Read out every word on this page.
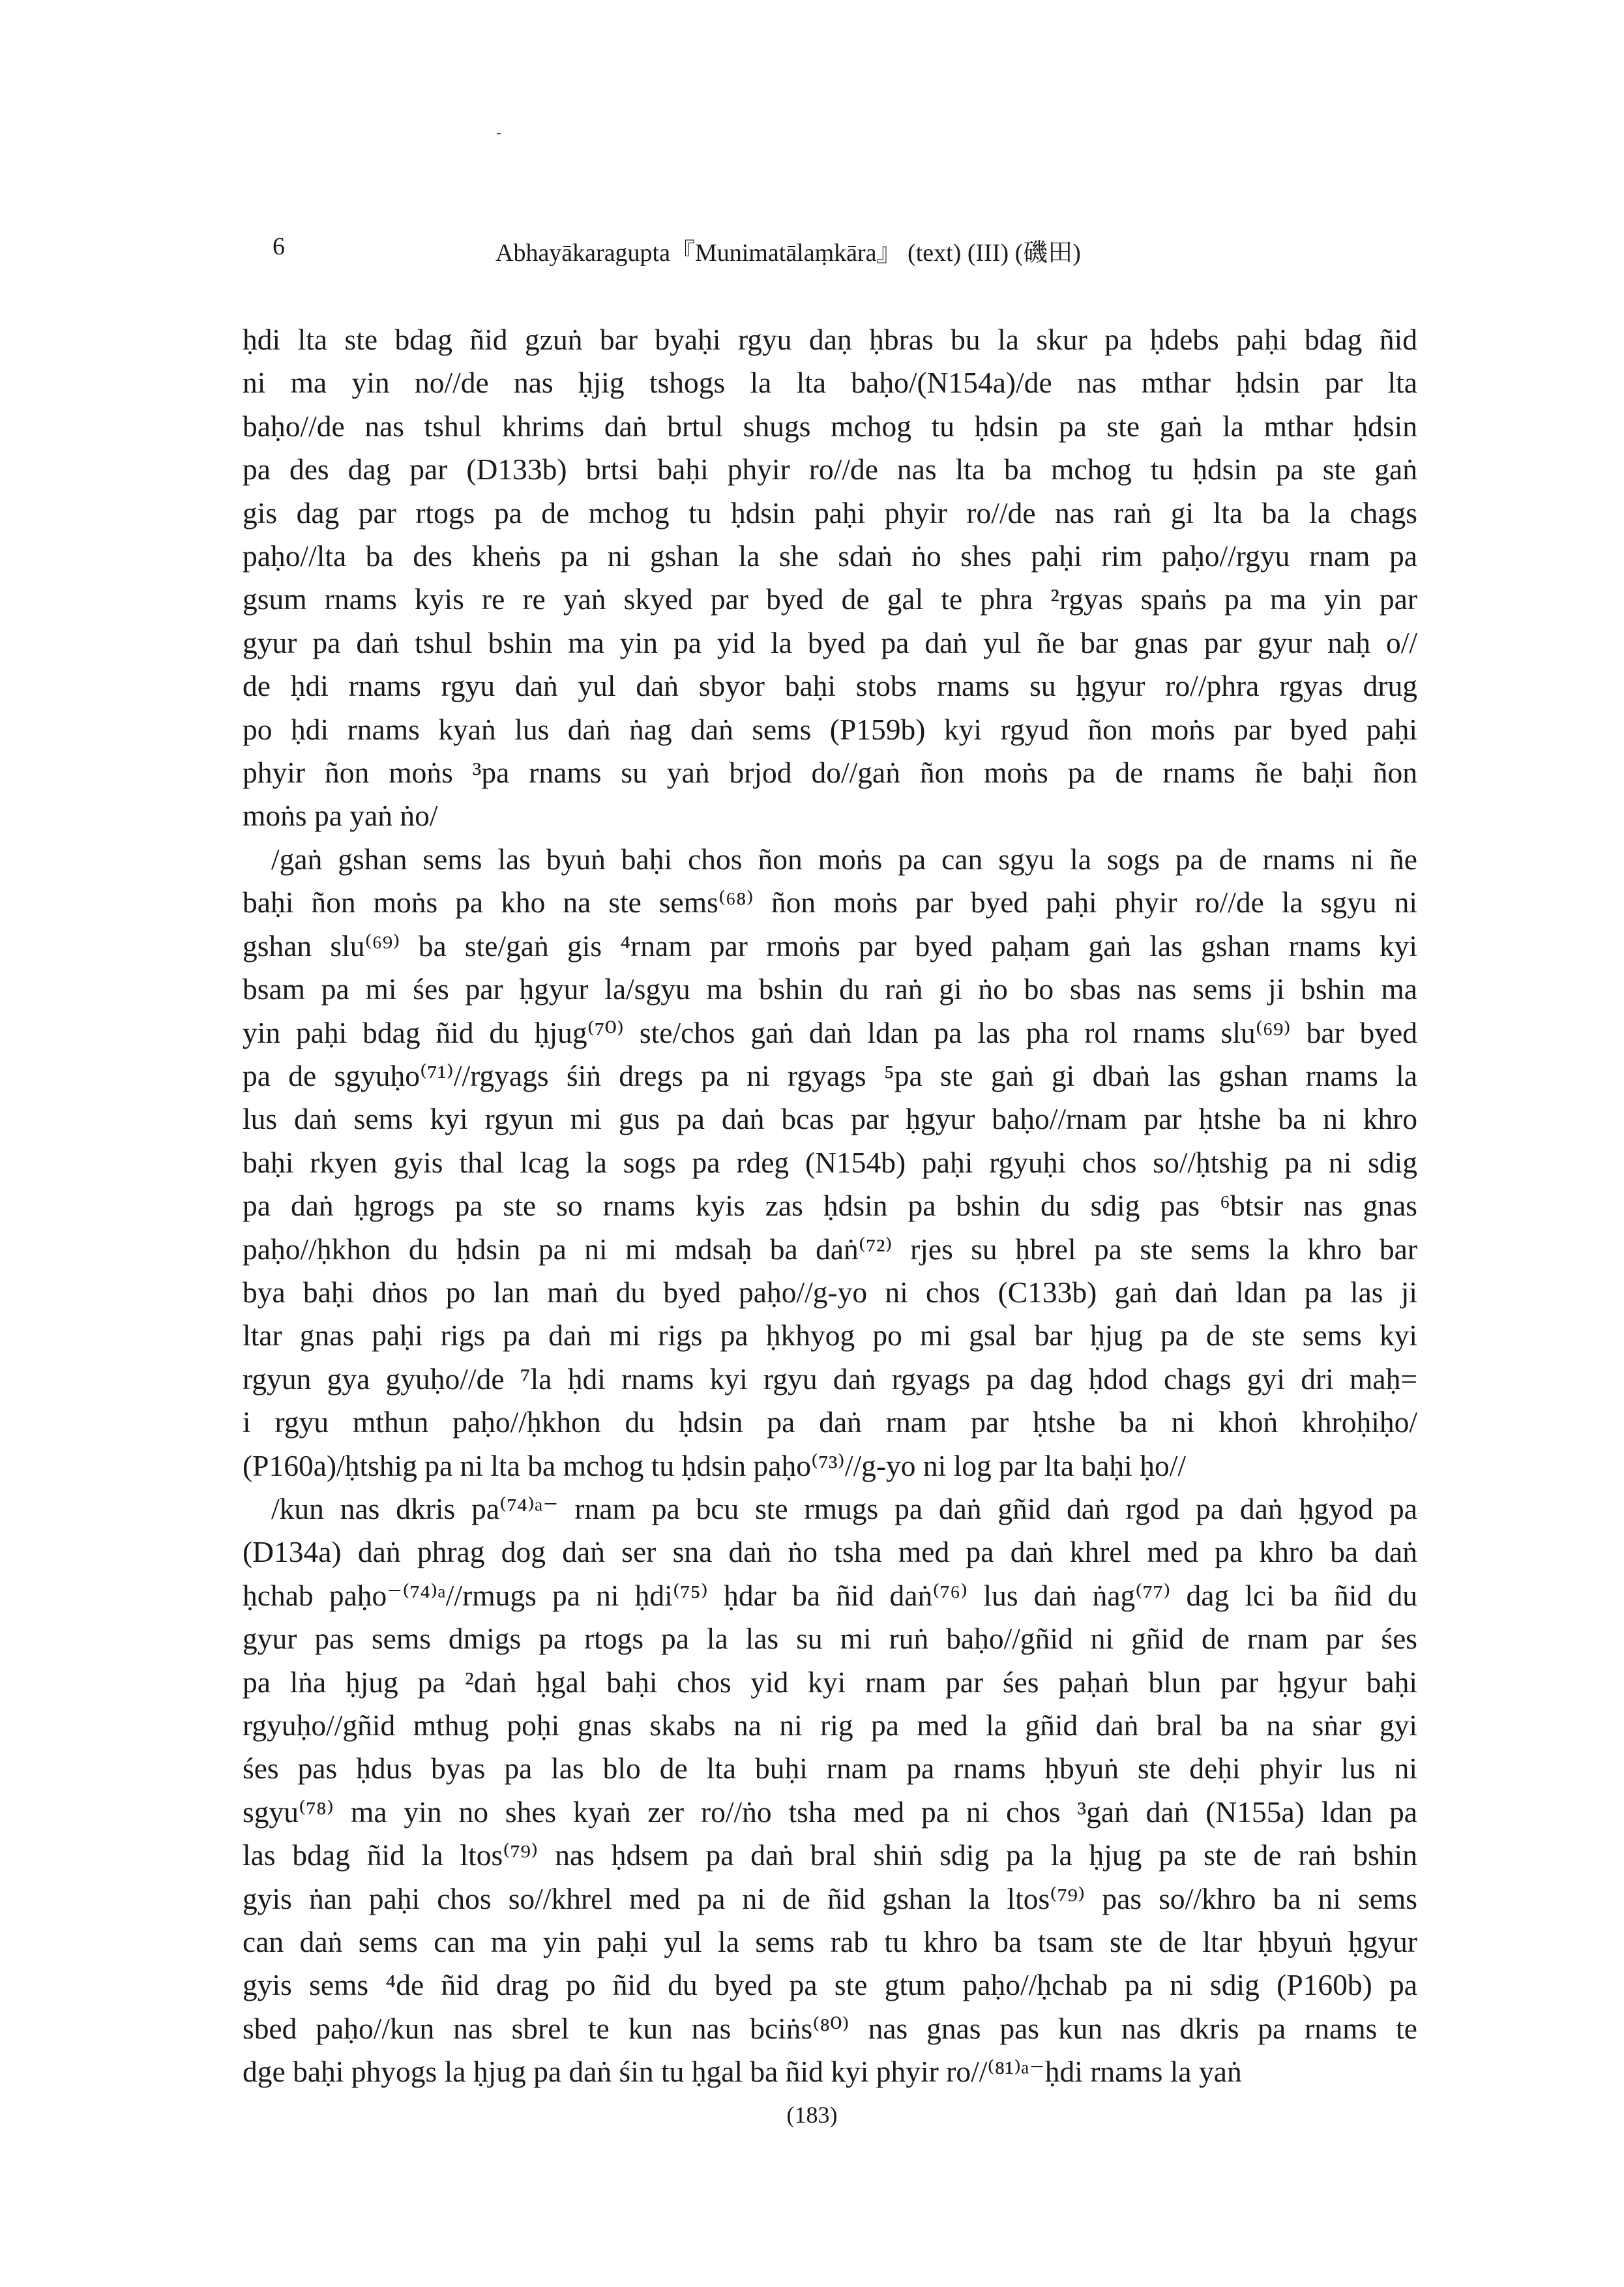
6	Abhayākaragupta『Munimatālaṃkāra』 (text) (III) (磯田)
ḥdi lta ste bdag ñid gzuṅ bar byaḥi rgyu daṇ ḥbras bu la skur pa ḥdebs paḥi bdag ñid
ni ma yin no//de nas ḥjig tshogs la lta baḥo/(N154a)/de nas mthar ḥdsin par lta
baḥo//de nas tshul khrims daṅ brtul shugs mchog tu ḥdsin pa ste gaṅ la mthar ḥdsin
pa des dag par (D133b) brtsi baḥi phyir ro//de nas lta ba mchog tu ḥdsin pa ste gaṅ
gis dag par rtogs pa de mchog tu ḥdsin paḥi phyir ro//de nas raṅ gi lta ba la chags
paḥo//lta ba des kheṅs pa ni gshan la she sdaṅ ṅo shes paḥi rim paḥo//rgyu rnam pa
gsum rnams kyis re re yaṅ skyed par byed de gal te phra ²rgyas spaṅs pa ma yin par
gyur pa daṅ tshul bshin ma yin pa yid la byed pa daṅ yul ñe bar gnas par gyur naḥ o//
de ḥdi rnams rgyu daṅ yul daṅ sbyor baḥi stobs rnams su ḥgyur ro//phra rgyas drug
po ḥdi rnams kyaṅ lus daṅ ṅag daṅ sems (P159b) kyi rgyud ñon moṅs par byed paḥi
phyir ñon moṅs ³pa rnams su yaṅ brjod do//gaṅ ñon moṅs pa de rnams ñe baḥi ñon
moṅs pa yaṅ ṅo/
/gaṅ gshan sems las byuṅ baḥi chos ñon moṅs pa can sgyu la sogs pa de rnams ni ñe
baḥi ñon moṅs pa kho na ste sems⁽⁶⁸⁾ ñon moṅs par byed paḥi phyir ro//de la sgyu ni
gshan slu⁽⁶⁹⁾ ba ste/gaṅ gis ⁴rnam par rmoṅs par byed paḥam gaṅ las gshan rnams kyi
bsam pa mi śes par ḥgyur la/sgyu ma bshin du raṅ gi ṅo bo sbas nas sems ji bshin ma
yin paḥi bdag ñid du ḥjug⁽⁷⁰⁾ ste/chos gaṅ daṅ ldan pa las pha rol rnams slu⁽⁶⁹⁾ bar byed
pa de sgyuḥo⁽⁷¹⁾//rgyags śiṅ dregs pa ni rgyags ⁵pa ste gaṅ gi dbaṅ las gshan rnams la
lus daṅ sems kyi rgyun mi gus pa daṅ bcas par ḥgyur baḥo//rnam par ḥtshe ba ni khro
baḥi rkyen gyis thal lcag la sogs pa rdeg (N154b) paḥi rgyuḥi chos so//ḥtshig pa ni sdig
pa daṅ ḥgrogs pa ste so rnams kyis zas ḥdsin pa bshin du sdig pas ⁶btsir nas gnas
paḥo//ḥkhon du ḥdsin pa ni mi mdsaḥ ba daṅ⁽⁷²⁾ rjes su ḥbrel pa ste sems la khro bar
bya baḥi dṅos po lan maṅ du byed paḥo//g-yo ni chos (C133b) gaṅ daṅ ldan pa las ji
ltar gnas paḥi rigs pa daṅ mi rigs pa ḥkhyog po mi gsal bar ḥjug pa de ste sems kyi
rgyun gya gyuḥo//de ⁷la ḥdi rnams kyi rgyu daṅ rgyags pa dag ḥdod chags gyi dri maḥ=
i rgyu mthun paḥo//ḥkhon du ḥdsin pa daṅ rnam par ḥtshe ba ni khoṅ khroḥiḥo/
(P160a)/ḥtshig pa ni lta ba mchog tu ḥdsin paḥo⁽⁷³⁾//g-yo ni log par lta baḥi ḥo//
/kun nas dkris pa⁽⁷⁴⁾ᵃ⁻ rnam pa bcu ste rmugs pa daṅ gñid daṅ rgod pa daṅ ḥgyod pa
(D134a) daṅ phrag dog daṅ ser sna daṅ ṅo tsha med pa daṅ khrel med pa khro ba daṅ
ḥchab paḥo⁻⁽⁷⁴⁾ᵃ//rmugs pa ni ḥdi⁽⁷⁵⁾ ḥdar ba ñid daṅ⁽⁷⁶⁾ lus daṅ ṅag⁽⁷⁷⁾ dag lci ba ñid du
gyur pas sems dmigs pa rtogs pa la las su mi ruṅ baḥo//gñid ni gñid de rnam par śes
pa lṅa ḥjug pa ²daṅ ḥgal baḥi chos yid kyi rnam par śes paḥaṅ blun par ḥgyur baḥi
rgyuḥo//gñid mthug poḥi gnas skabs na ni rig pa med la gñid daṅ bral ba na sṅar gyi
śes pas ḥdus byas pa las blo de lta buḥi rnam pa rnams ḥbyuṅ ste deḥi phyir lus ni
sgyu⁽⁷⁸⁾ ma yin no shes kyaṅ zer ro//ṅo tsha med pa ni chos ³gaṅ daṅ (N155a) ldan pa
las bdag ñid la ltos⁽⁷⁹⁾ nas ḥdsem pa daṅ bral shiṅ sdig pa la ḥjug pa ste de raṅ bshin
gyis ṅan paḥi chos so//khrel med pa ni de ñid gshan la ltos⁽⁷⁹⁾ pas so//khro ba ni sems
can daṅ sems can ma yin paḥi yul la sems rab tu khro ba tsam ste de ltar ḥbyuṅ ḥgyur
gyis sems ⁴de ñid drag po ñid du byed pa ste gtum paḥo//ḥchab pa ni sdig (P160b) pa
sbed paḥo//kun nas sbrel te kun nas bciṅs⁽⁸⁰⁾ nas gnas pas kun nas dkris pa rnams te
dge baḥi phyogs la ḥjug pa daṅ śin tu ḥgal ba ñid kyi phyir ro//⁽⁸¹⁾ᵃ⁻ḥdi rnams la yaṅ
(183)
